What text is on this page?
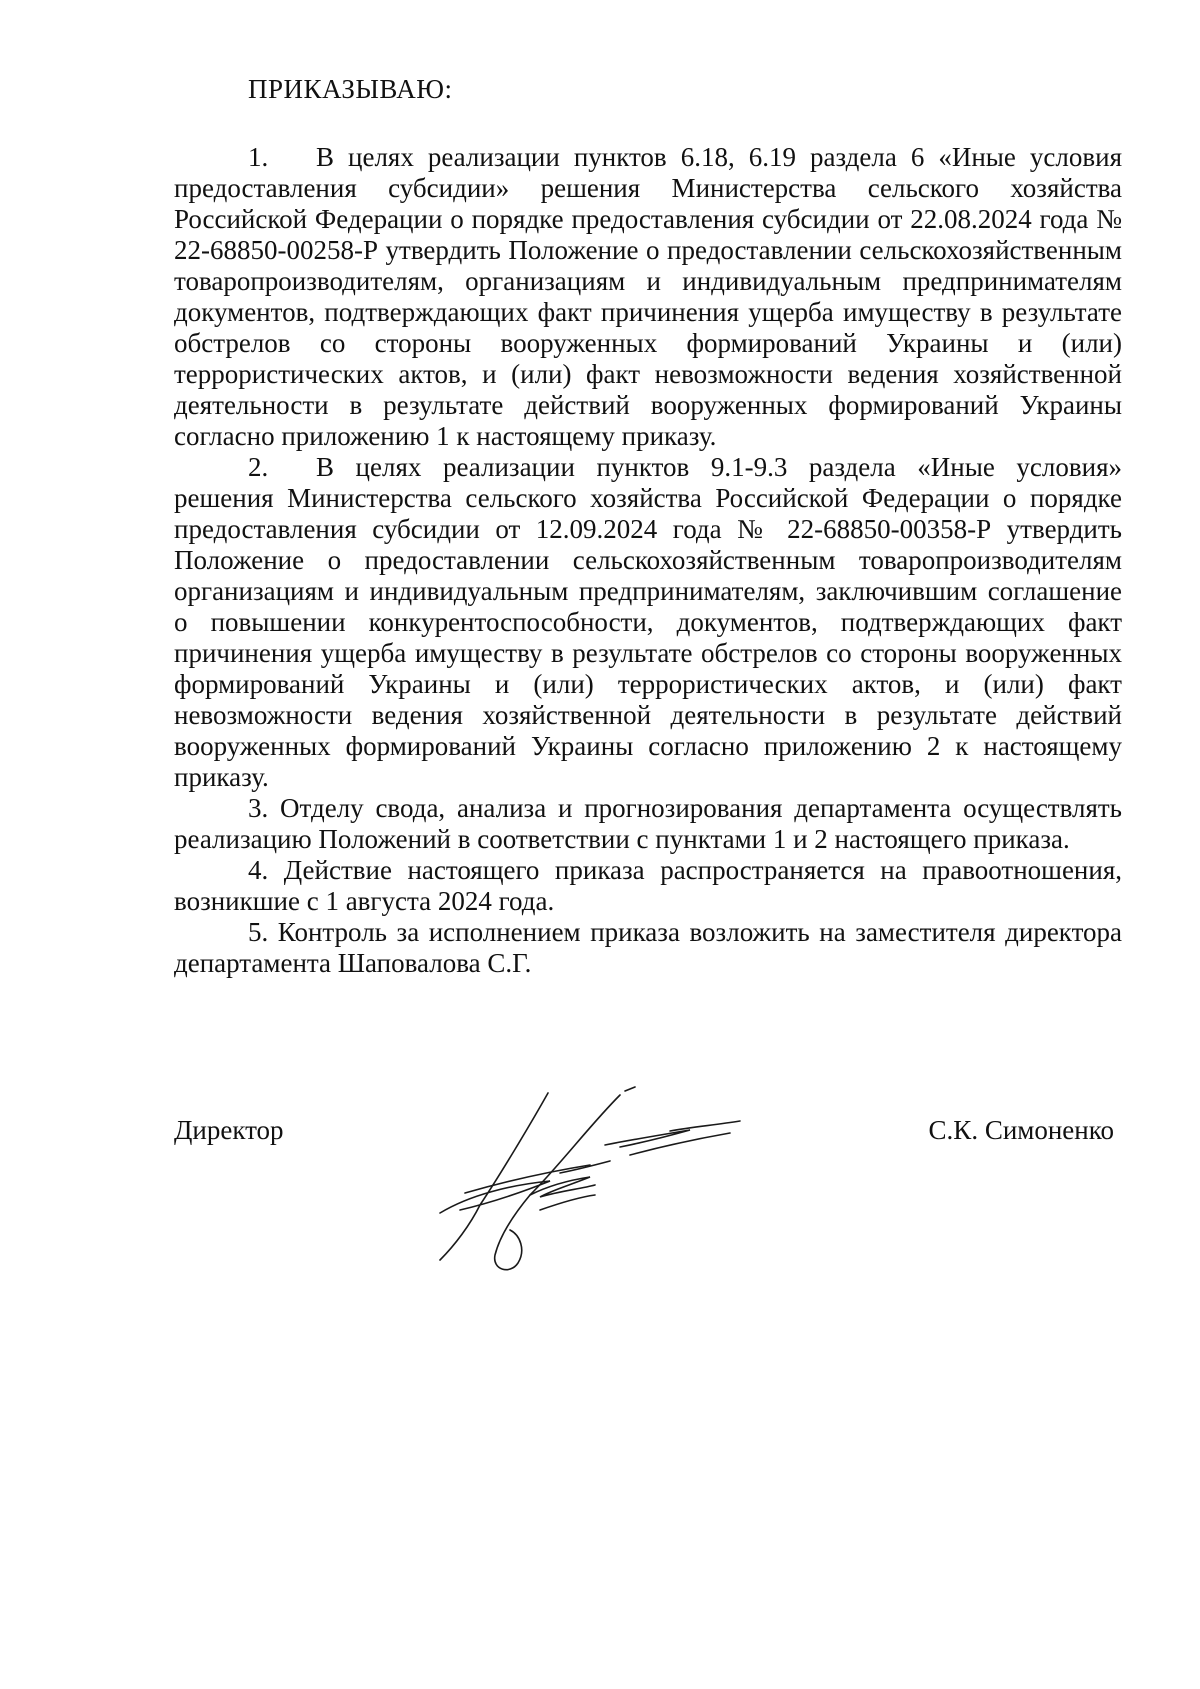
ПРИКАЗЫВАЮ:

1. В целях реализации пунктов 6.18, 6.19 раздела 6 «Иные условия предоставления субсидии» решения Министерства сельского хозяйства Российской Федерации о порядке предоставления субсидии от 22.08.2024 года № 22-68850-00258-Р утвердить Положение о предоставлении сельскохозяйственным товаропроизводителям, организациям и индивидуальным предпринимателям документов, подтверждающих факт причинения ущерба имуществу в результате обстрелов со стороны вооруженных формирований Украины и (или) террористических актов, и (или) факт невозможности ведения хозяйственной деятельности в результате действий вооруженных формирований Украины согласно приложению 1 к настоящему приказу.

2. В целях реализации пунктов 9.1-9.3 раздела «Иные условия» решения Министерства сельского хозяйства Российской Федерации о порядке предоставления субсидии от 12.09.2024 года № 22-68850-00358-Р утвердить Положение о предоставлении сельскохозяйственным товаропроизводителям организациям и индивидуальным предпринимателям, заключившим соглашение о повышении конкурентоспособности, документов, подтверждающих факт причинения ущерба имуществу в результате обстрелов со стороны вооруженных формирований Украины и (или) террористических актов, и (или) факт невозможности ведения хозяйственной деятельности в результате действий вооруженных формирований Украины согласно приложению 2 к настоящему приказу.

3. Отделу свода, анализа и прогнозирования департамента осуществлять реализацию Положений в соответствии с пунктами 1 и 2 настоящего приказа.

4. Действие настоящего приказа распространяется на правоотношения, возникшие с 1 августа 2024 года.

5. Контроль за исполнением приказа возложить на заместителя директора департамента Шаповалова С.Г.

Директор	С.К. Симоненко
